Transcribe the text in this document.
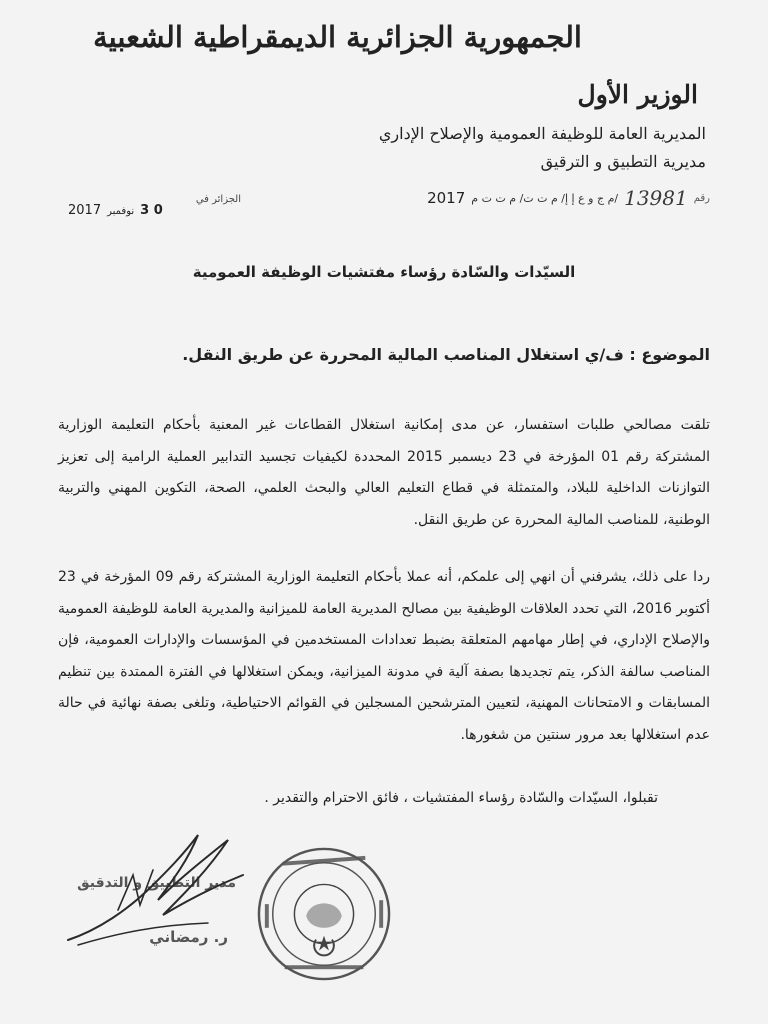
الجمهورية الجزائرية الديمقراطية الشعبية
الوزير الأول
المديرية العامة للوظيفة العمومية والإصلاح الإداري
مديرية التطبيق و الترقيق
رقم
13981
/م ج و ع إ إ/ م ت ت/ م ت ت م
2017
الجزائر في
2017 نوفمبر 3 0
السيّدات والسّادة رؤساء مفتشيات الوظيفة العمومية
الموضوع : ف/ي استغلال المناصب المالية المحررة عن طريق النقل.

تلقت مصالحي طلبات استفسار، عن مدى إمكانية استغلال القطاعات غير المعنية بأحكام التعليمة الوزارية المشتركة رقم 01 المؤرخة في 23 ديسمبر 2015 المحددة لكيفيات تجسيد التدابير العملية الرامية إلى تعزيز التوازنات الداخلية للبلاد، والمتمثلة في قطاع التعليم العالي والبحث العلمي، الصحة، التكوين المهني والتربية الوطنية، للمناصب المالية المحررة عن طريق النقل.

ردا على ذلك، يشرفني أن انهي إلى علمكم، أنه عملا بأحكام التعليمة الوزارية المشتركة رقم 09 المؤرخة في 23 أكتوبر 2016، التي تحدد العلاقات الوظيفية بين مصالح المديرية العامة للميزانية والمديرية العامة للوظيفة العمومية والإصلاح الإداري، في إطار مهامهم المتعلقة بضبط تعدادات المستخدمين في المؤسسات والإدارات العمومية، فإن المناصب سالفة الذكر، يتم تجديدها بصفة آلية في مدونة الميزانية، ويمكن استغلالها في الفترة الممتدة بين تنظيم المسابقات و الامتحانات المهنية، لتعيين المترشحين المسجلين في القوائم الاحتياطية، وتلغى بصفة نهائية في حالة عدم استغلالها بعد مرور سنتين من شغورها.

تقبلوا، السيّدات والسّادة رؤساء المفتشيات ، فائق الاحترام والتقدير .
مدير التطبيق و التدقيق
ر. رمضاني
